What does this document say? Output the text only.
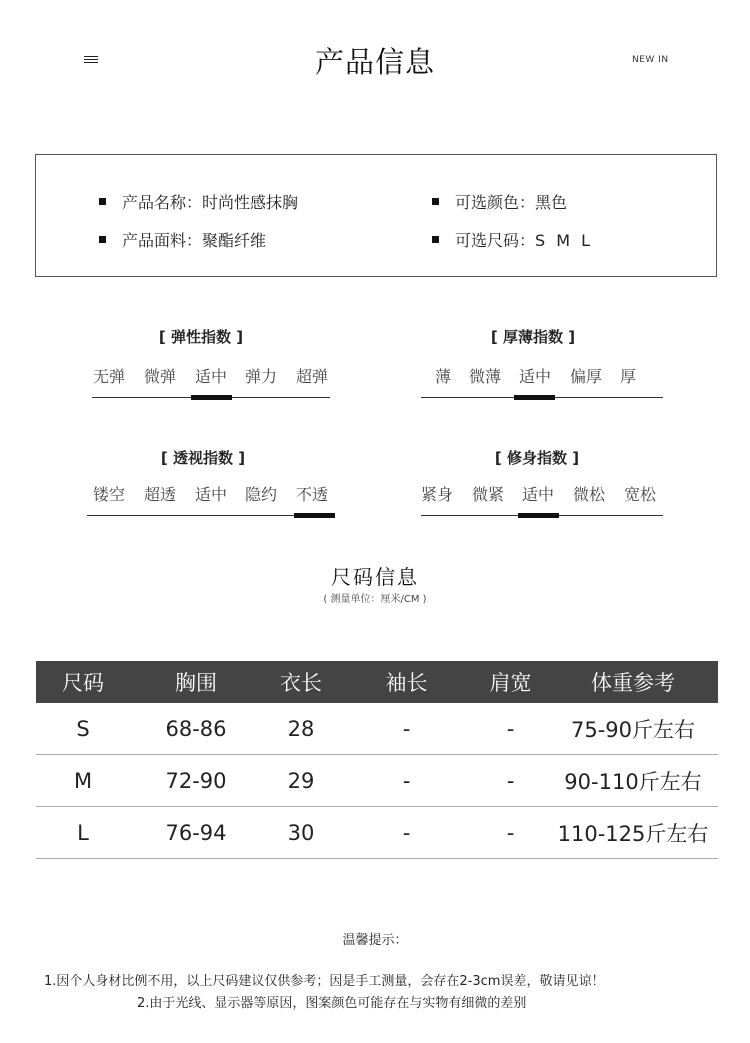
产品信息	NEW IN
产品名称：时尚性感抹胸
产品面料：聚酯纤维
可选颜色：黑色
可选尺码：S M L
[ 弹性指数 ]
无弹	微弹	适中	弹力	超弹
[ 厚薄指数 ]
薄	微薄	适中	偏厚	厚
[ 透视指数 ]
镂空	超透	适中	隐约	不透
[ 修身指数 ]
紧身	微紧	适中	微松	宽松
尺码信息
( 测量单位：厘米/CM )
尺码	胸围	衣长	袖长	肩宽	体重参考
S	68-86	28	-	-	75-90斤左右
M	72-90	29	-	-	90-110斤左右
L	76-94	30	-	-	110-125斤左右
温馨提示：
1.因个人身材比例不用，以上尺码建议仅供参考；因是手工测量，会存在2-3cm误差，敬请见谅！
2.由于光线、显示器等原因，图案颜色可能存在与实物有细微的差别
